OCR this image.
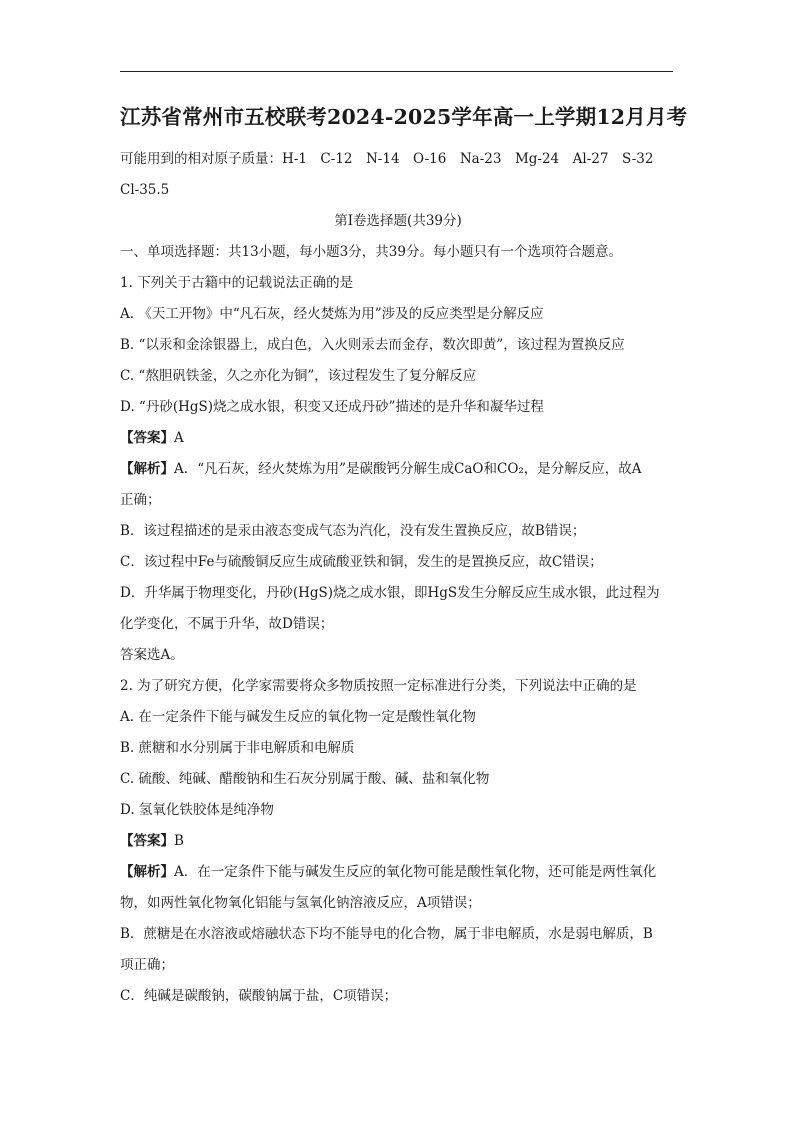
江苏省常州市五校联考2024-2025学年高一上学期12月月考
可能用到的相对原子质量：H-1　C-12　N-14　O-16　Na-23　Mg-24　Al-27　S-32
Cl-35.5
第Ⅰ卷选择题(共39分)
一、单项选择题：共13小题，每小题3分，共39分。每小题只有一个选项符合题意。
1. 下列关于古籍中的记载说法正确的是
A. 《天工开物》中“凡石灰，经火焚炼为用”涉及的反应类型是分解反应
B. “以汞和金涂银器上，成白色，入火则汞去而金存，数次即黄”，该过程为置换反应
C. “熬胆矾铁釜，久之亦化为铜”，该过程发生了复分解反应
D. “丹砂(HgS)烧之成水银，积变又还成丹砂”描述的是升华和凝华过程
【答案】A
【解析】A．“凡石灰，经火焚炼为用”是碳酸钙分解生成CaO和CO₂，是分解反应，故A
正确；
B．该过程描述的是汞由液态变成气态为汽化，没有发生置换反应，故B错误；
C．该过程中Fe与硫酸铜反应生成硫酸亚铁和铜，发生的是置换反应，故C错误；
D．升华属于物理变化，丹砂(HgS)烧之成水银，即HgS发生分解反应生成水银，此过程为
化学变化，不属于升华，故D错误；
答案选A。
2. 为了研究方便，化学家需要将众多物质按照一定标准进行分类，下列说法中正确的是
A. 在一定条件下能与碱发生反应的氧化物一定是酸性氧化物
B. 蔗糖和水分别属于非电解质和电解质
C. 硫酸、纯碱、醋酸钠和生石灰分别属于酸、碱、盐和氧化物
D. 氢氧化铁胶体是纯净物
【答案】B
【解析】A．在一定条件下能与碱发生反应的氧化物可能是酸性氧化物，还可能是两性氧化
物，如两性氧化物氧化铝能与氢氧化钠溶液反应，A项错误；
B．蔗糖是在水溶液或熔融状态下均不能导电的化合物，属于非电解质，水是弱电解质，B
项正确；
C．纯碱是碳酸钠，碳酸钠属于盐，C项错误；
